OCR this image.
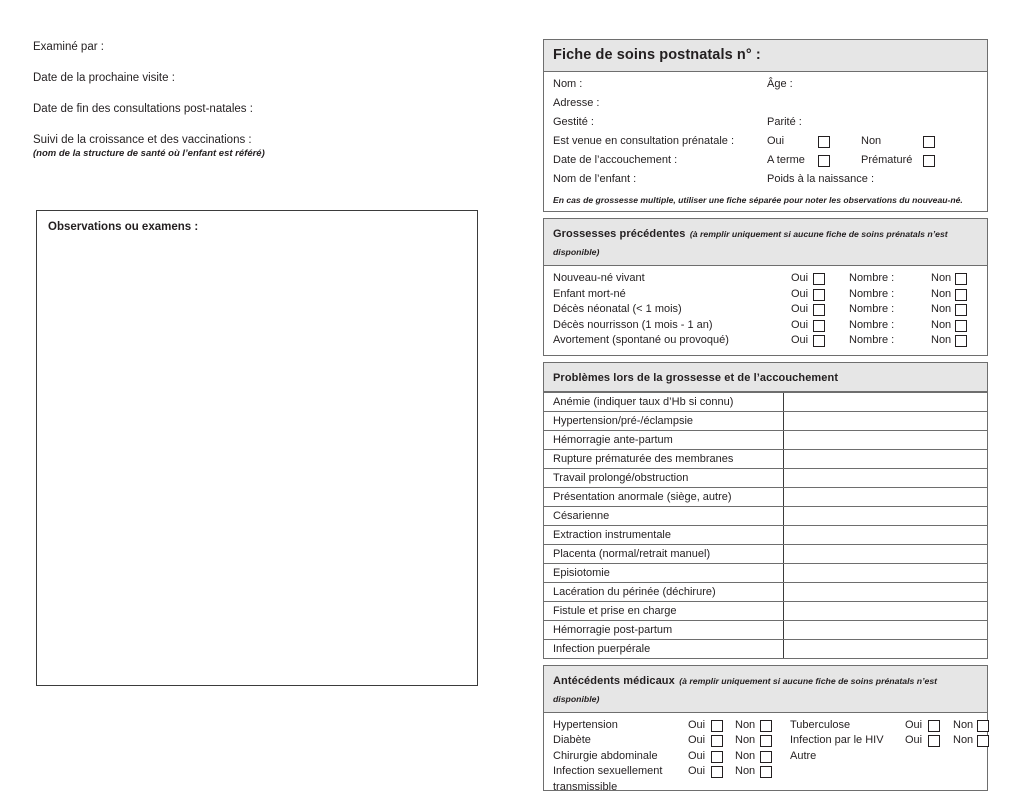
Examiné par :
Date de la prochaine visite :
Date de fin des consultations post-natales :
Suivi de la croissance et des vaccinations :
(nom de la structure de santé où l’enfant est référé)
Observations ou examens :
Fiche de soins postnatals n° :
Nom :	Âge :
Adresse :
Gestité :	Parité :
Est venue en consultation prénatale :	Oui	Non
Date de l’accouchement :	A terme	Prématuré
Nom de l’enfant :	Poids à la naissance :
En cas de grossesse multiple, utiliser une fiche séparée pour noter les observations du nouveau-né.
Grossesses précédentes (à remplir uniquement si aucune fiche de soins prénatals n’est disponible)
Nouveau-né vivant	Oui	Nombre :	Non
Enfant mort-né	Oui	Nombre :	Non
Décès néonatal (< 1 mois)	Oui	Nombre :	Non
Décès nourrisson (1 mois - 1 an)	Oui	Nombre :	Non
Avortement (spontané ou provoqué)	Oui	Nombre :	Non
Problèmes lors de la grossesse et de l’accouchement
Anémie (indiquer taux d’Hb si connu)	
Hypertension/pré-/éclampsie	
Hémorragie ante-partum	
Rupture prématurée des membranes	
Travail prolongé/obstruction	
Présentation anormale (siège, autre)	
Césarienne	
Extraction instrumentale	
Placenta (normal/retrait manuel)	
Episiotomie	
Lacération du périnée (déchirure)	
Fistule et prise en charge	
Hémorragie post-partum	
Infection puerpérale	
Antécédents médicaux (à remplir uniquement si aucune fiche de soins prénatals n’est disponible)
Hypertension	Oui	Non	Tuberculose	Oui	Non
Diabète	Oui	Non	Infection par le HIV Oui	Non
Chirurgie abdominale	Oui	Non	Autre
Infection sexuellement Oui	Non
transmissible
